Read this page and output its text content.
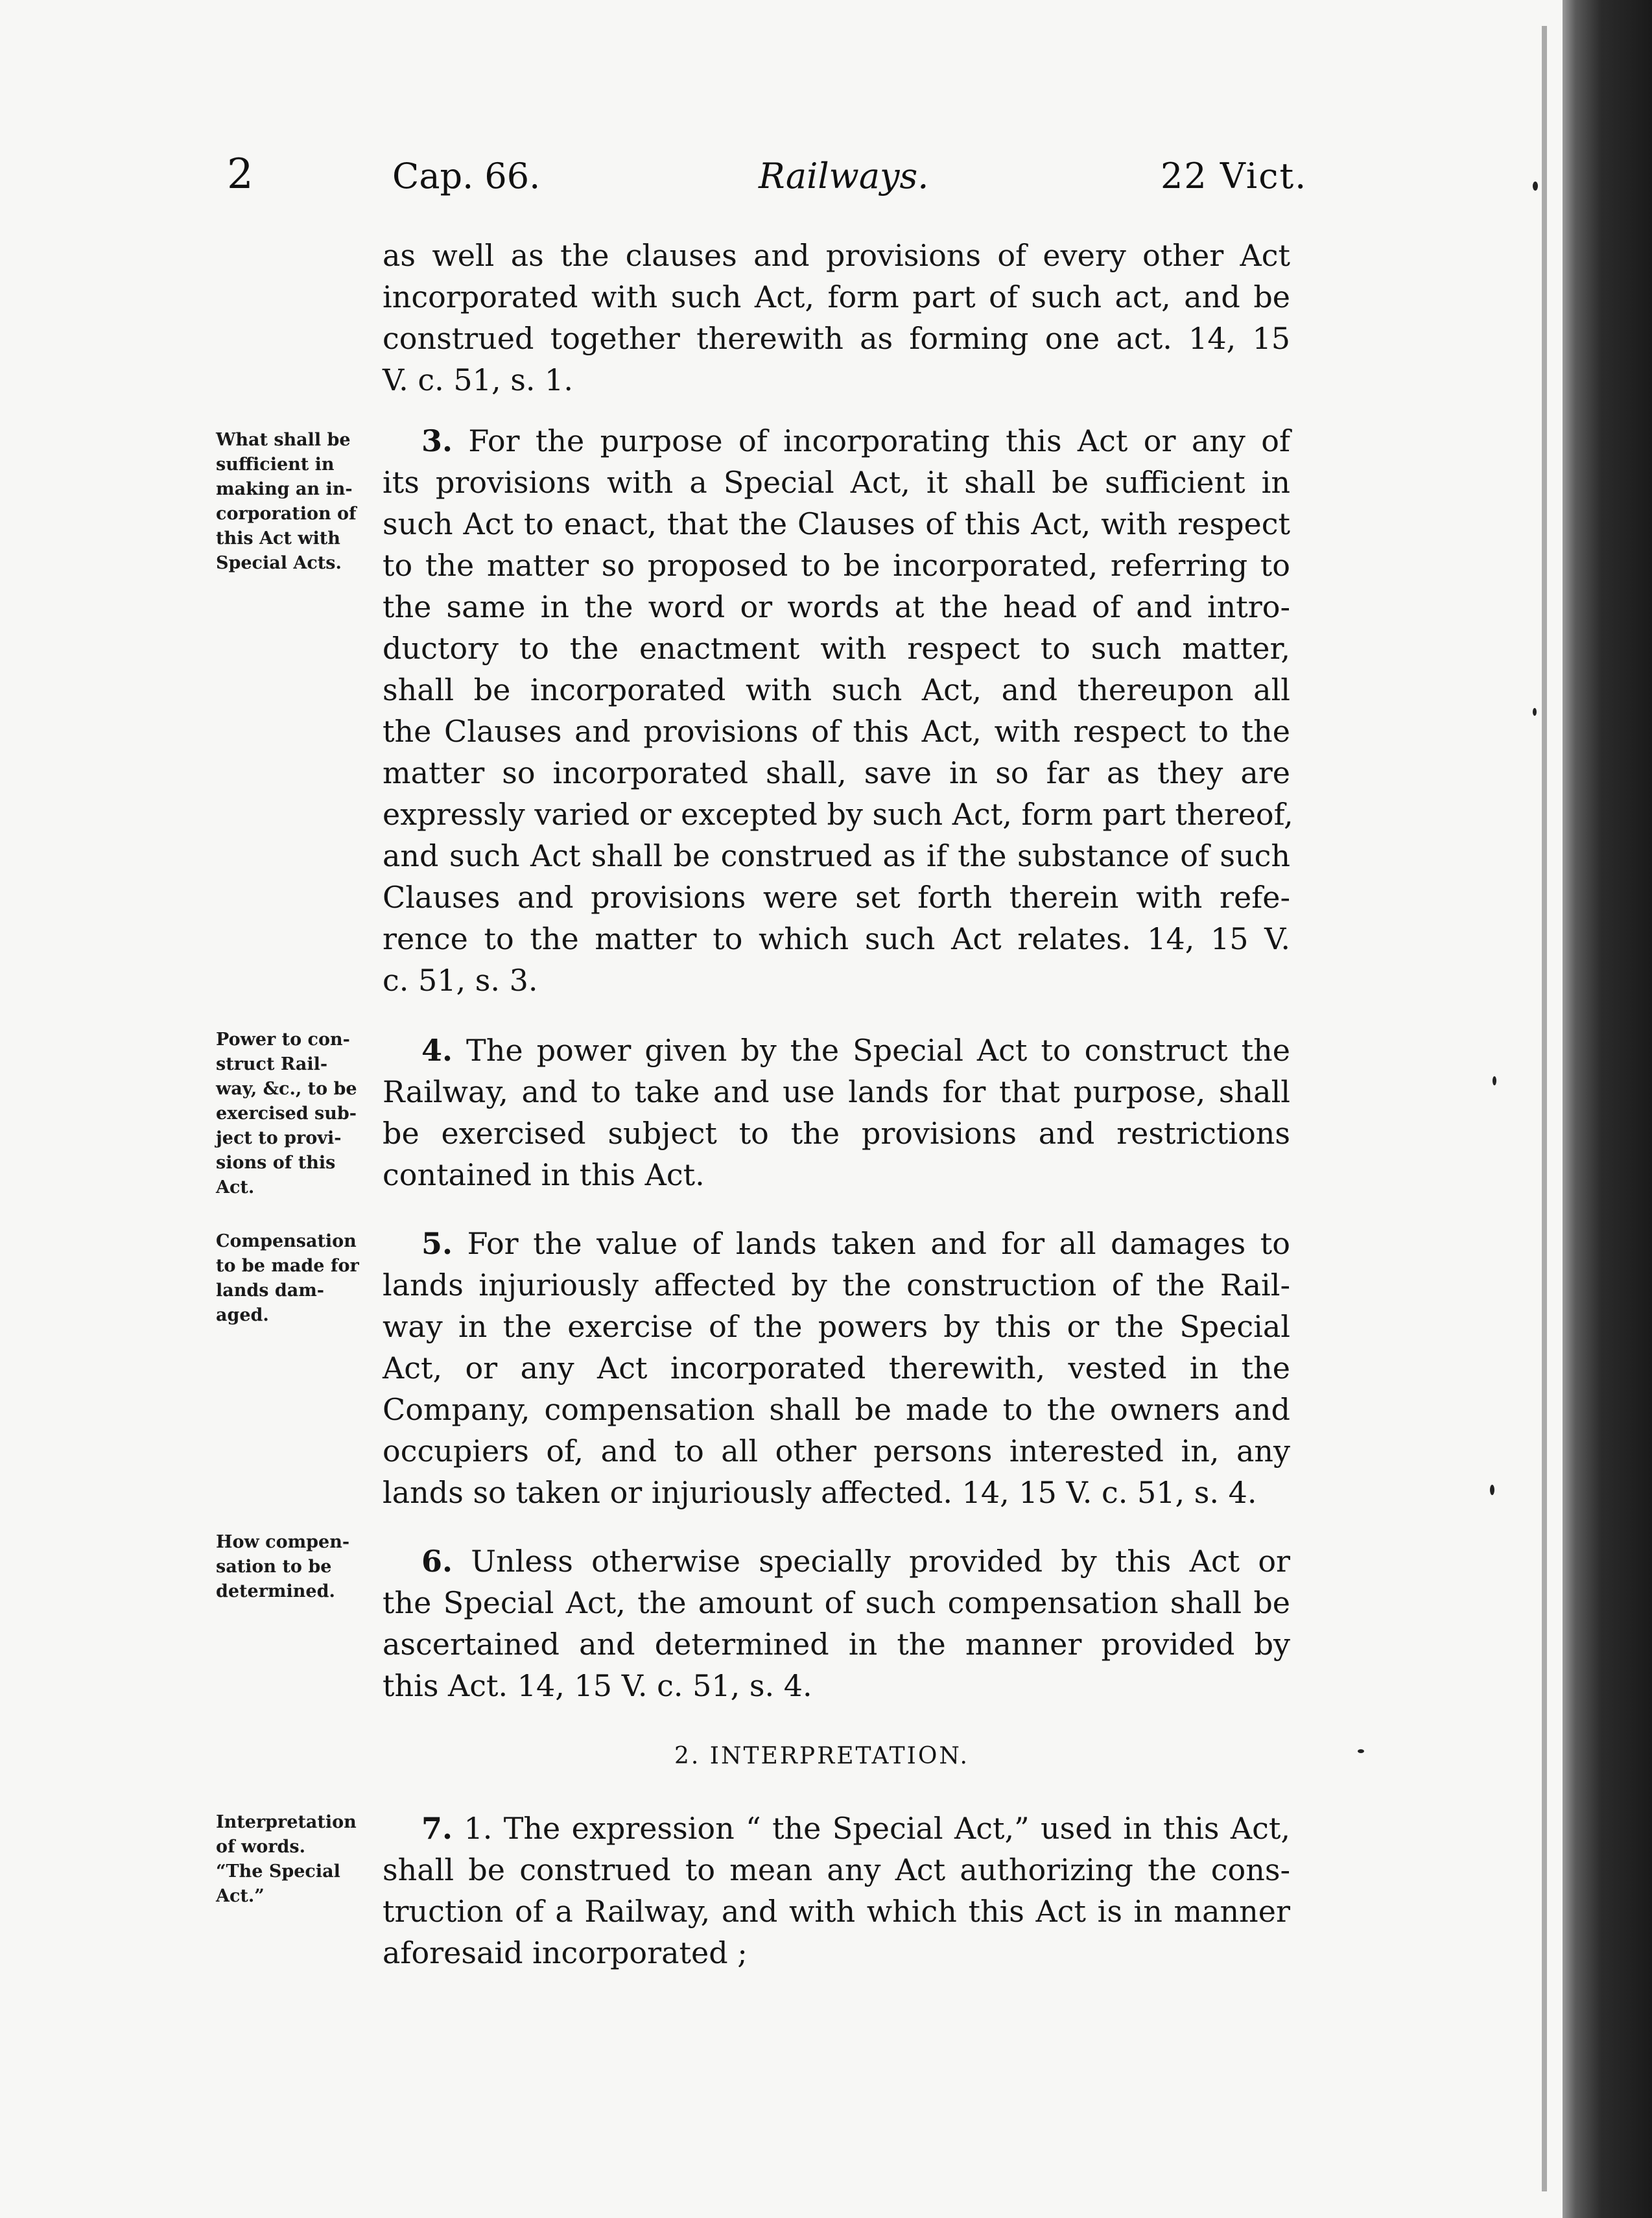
2	Cap. 66.	Railways.	22 Vict.
as well as the clauses and provisions of every other Act
incorporated with such Act, form part of such act, and be
construed together therewith as forming one act. 14, 15
V. c. 51, s. 1.
What shall be
sufficient in
making an in-
corporation of
this Act with
Special Acts.
3. For the purpose of incorporating this Act or any of
its provisions with a Special Act, it shall be sufficient in
such Act to enact, that the Clauses of this Act, with respect
to the matter so proposed to be incorporated, referring to
the same in the word or words at the head of and intro-
ductory to the enactment with respect to such matter,
shall be incorporated with such Act, and thereupon all
the Clauses and provisions of this Act, with respect to the
matter so incorporated shall, save in so far as they are
expressly varied or excepted by such Act, form part thereof,
and such Act shall be construed as if the substance of such
Clauses and provisions were set forth therein with refe-
rence to the matter to which such Act relates. 14, 15 V.
c. 51, s. 3.
Power to con-
struct Rail-
way, &c., to be
exercised sub-
ject to provi-
sions of this
Act.
4. The power given by the Special Act to construct the
Railway, and to take and use lands for that purpose, shall
be exercised subject to the provisions and restrictions
contained in this Act.
Compensation
to be made for
lands dam-
aged.
5. For the value of lands taken and for all damages to
lands injuriously affected by the construction of the Rail-
way in the exercise of the powers by this or the Special
Act, or any Act incorporated therewith, vested in the
Company, compensation shall be made to the owners and
occupiers of, and to all other persons interested in, any
lands so taken or injuriously affected. 14, 15 V. c. 51, s. 4.
How compen-
sation to be
determined.
6. Unless otherwise specially provided by this Act or
the Special Act, the amount of such compensation shall be
ascertained and determined in the manner provided by
this Act. 14, 15 V. c. 51, s. 4.
2. INTERPRETATION.
Interpretation
of words.
“The Special
Act.”
7. 1. The expression “ the Special Act,” used in this Act,
shall be construed to mean any Act authorizing the cons-
truction of a Railway, and with which this Act is in manner
aforesaid incorporated ;
